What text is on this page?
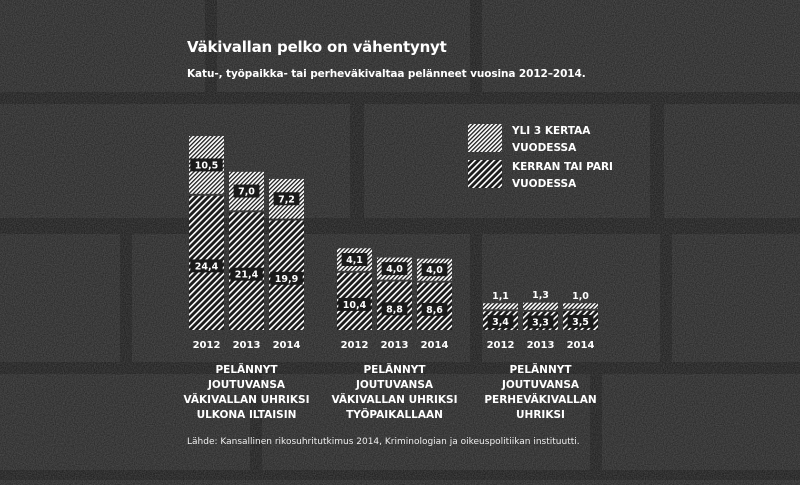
Väkivallan pelko on vähentynyt
Katu-, työpaikka- tai perheväkivaltaa pelänneet vuosina 2012–2014.
YLI 3 KERTAA VUODESSA
KERRAN TAI PARI VUODESSA
24,4
10,5
2012
21,4
7,0
2013
19,9
7,2
2014
PELÄNNYT
JOUTUVANSA
VÄKIVALLAN UHRIKSI
ULKONA ILTAISIN
10,4
4,1
2012
8,8
4,0
2013
8,6
4,0
2014
PELÄNNYT
JOUTUVANSA
VÄKIVALLAN UHRIKSI
TYÖPAIKALLAAN
3,4
1,1
2012
3,3
1,3
2013
3,5
1,0
2014
PELÄNNYT
JOUTUVANSA
PERHEVÄKIVALLAN
UHRIKSI
Lähde: Kansallinen rikosuhritutkimus 2014, Kriminologian ja oikeuspolitiikan instituutti.
